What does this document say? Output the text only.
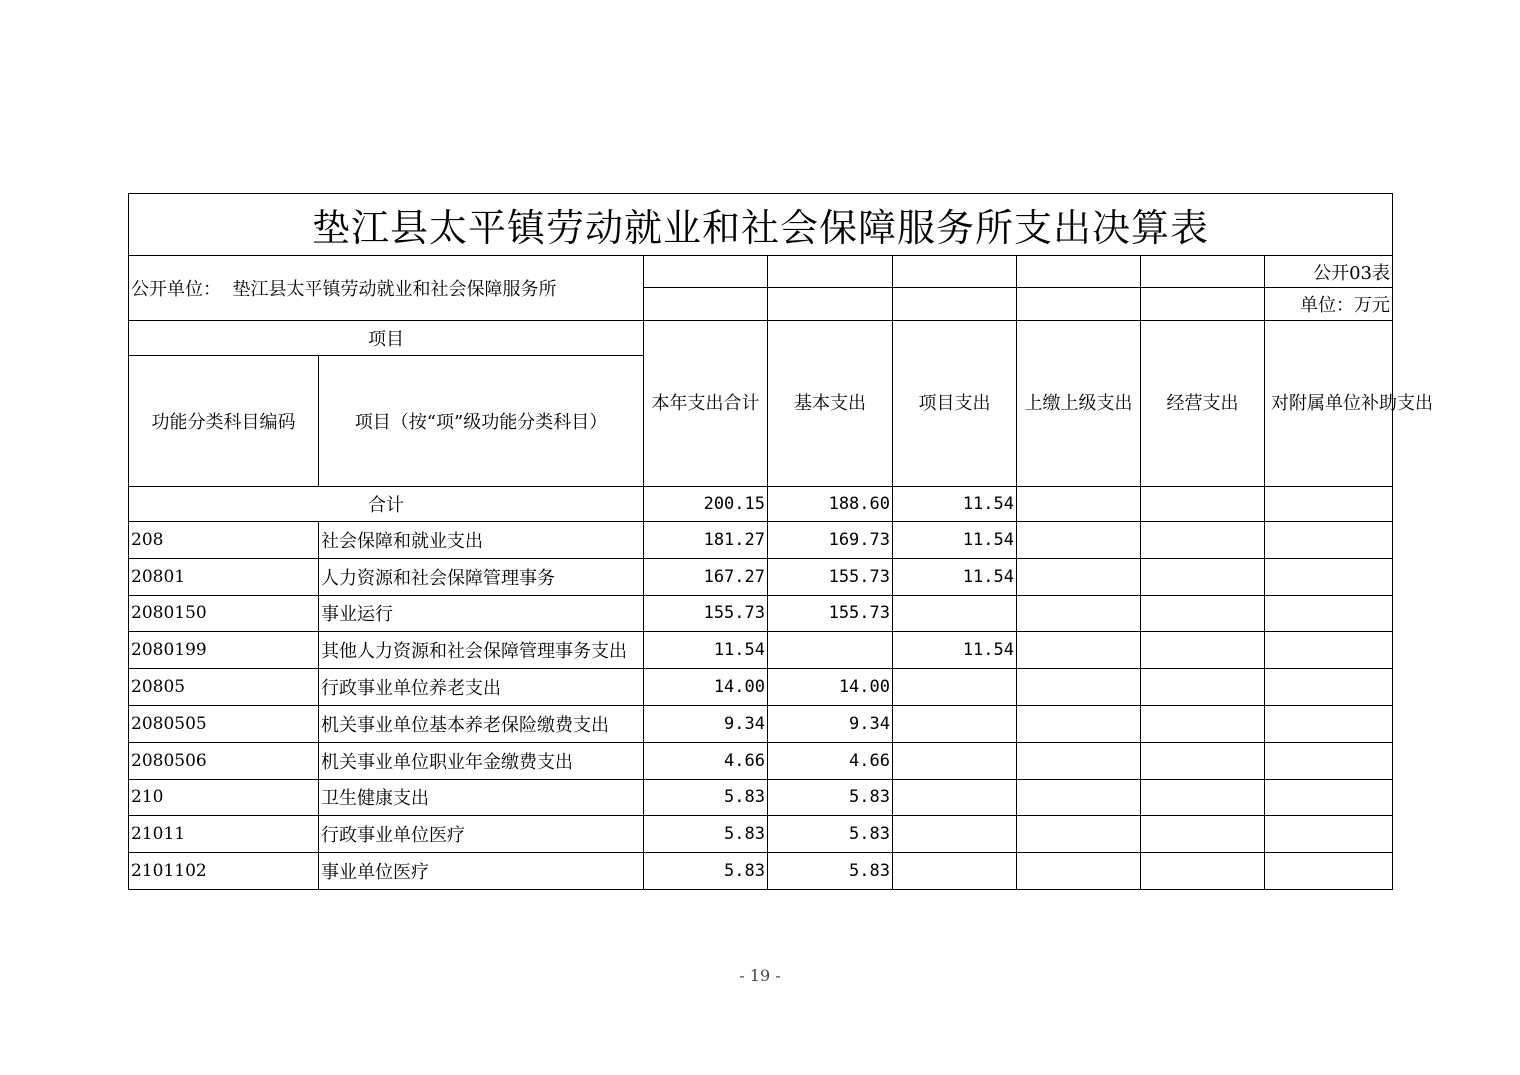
垫江县太平镇劳动就业和社会保障服务所支出决算表							
公开单位： 垫江县太平镇劳动就业和社会保障服务所							公开03表
							单位：万元
项目		本年支出合计	基本支出	项目支出	上缴上级支出	经营支出	对附属单位补助支出
功能分类科目编码	项目（按“项”级功能分类科目）						
合计		200.15	188.60	11.54			
208	社会保障和就业支出	181.27	169.73	11.54			
20801	人力资源和社会保障管理事务	167.27	155.73	11.54			
2080150	事业运行	155.73	155.73				
2080199	其他人力资源和社会保障管理事务支出	11.54		11.54			
20805	行政事业单位养老支出	14.00	14.00				
2080505	机关事业单位基本养老保险缴费支出	9.34	9.34				
2080506	机关事业单位职业年金缴费支出	4.66	4.66				
210	卫生健康支出	5.83	5.83				
21011	行政事业单位医疗	5.83	5.83				
2101102	事业单位医疗	5.83	5.83				
- 19 -
